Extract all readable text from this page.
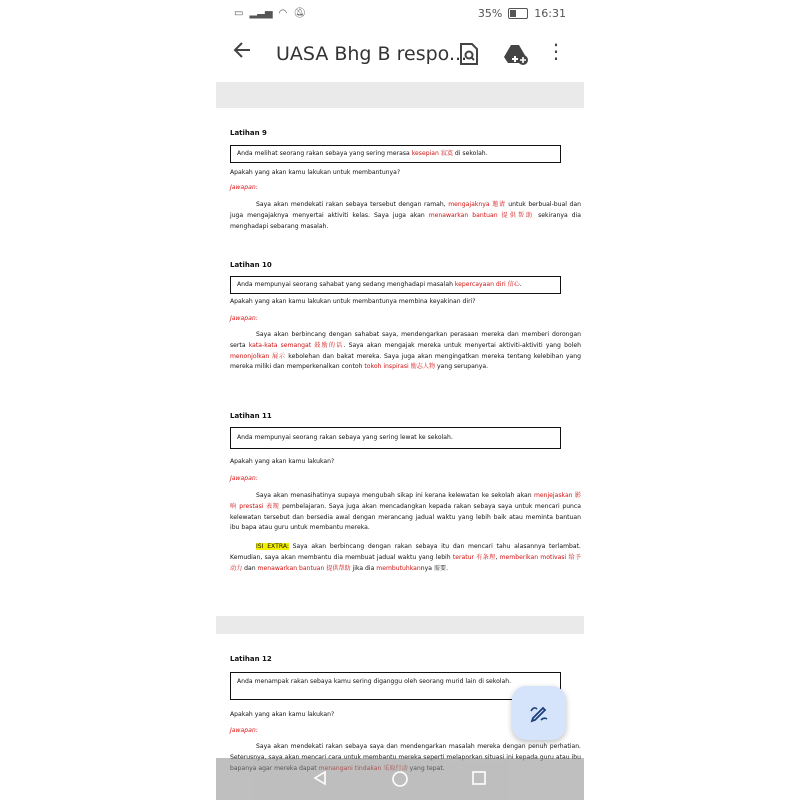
▭ ▂▃▅ ◠ 🔕︎	35%	16:31
UASA Bhg B respo...	⋮
Latihan 9
Anda melihat seorang rakan sebaya yang sering merasa kesepian 寂寞 di sekolah.
Apakah yang akan kamu lakukan untuk membantunya?
Jawapan:
Saya akan mendekati rakan sebaya tersebut dengan ramah, mengajaknya 邀请 untuk berbual-bual dan juga mengajaknya menyertai aktiviti kelas. Saya juga akan menawarkan bantuan 提供帮助 sekiranya dia menghadapi sebarang masalah.
Latihan 10
Anda mempunyai seorang sahabat yang sedang menghadapi masalah kepercayaan diri 信心.
Apakah yang akan kamu lakukan untuk membantunya membina keyakinan diri?
Jawapan:
Saya akan berbincang dengan sahabat saya, mendengarkan perasaan mereka dan memberi dorongan serta kata-kata semangat 鼓励的话. Saya akan mengajak mereka untuk menyertai aktiviti-aktiviti yang boleh menonjolkan 展示 kebolehan dan bakat mereka. Saya juga akan mengingatkan mereka tentang kelebihan yang mereka miliki dan memperkenalkan contoh tokoh inspirasi 励志人物 yang serupanya.
Latihan 11
Anda mempunyai seorang rakan sebaya yang sering lewat ke sekolah.
Apakah yang akan kamu lakukan?
Jawapan:
Saya akan menasihatinya supaya mengubah sikap ini kerana kelewatan ke sekolah akan menjejaskan 影响 prestasi 表现 pembelajaran. Saya juga akan mencadangkan kepada rakan sebaya saya untuk mencari punca kelewatan tersebut dan bersedia awal dengan merancang jadual waktu yang lebih baik atau meminta bantuan ibu bapa atau guru untuk membantu mereka.
ISI EXTRA: Saya akan berbincang dengan rakan sebaya itu dan mencari tahu alasannya terlambat. Kemudian, saya akan membantu dia membuat jadual waktu yang lebih teratur 有条理, memberikan motivasi 给予动力 dan menawarkan bantuan 提供帮助 jika dia membutuhkannya 需要.
Latihan 12
Anda menampak rakan sebaya kamu sering diganggu oleh seorang murid lain di sekolah.
Apakah yang akan kamu lakukan?
Jawapan:
Saya akan mendekati rakan sebaya saya dan mendengarkan masalah mereka dengan penuh perhatian.
